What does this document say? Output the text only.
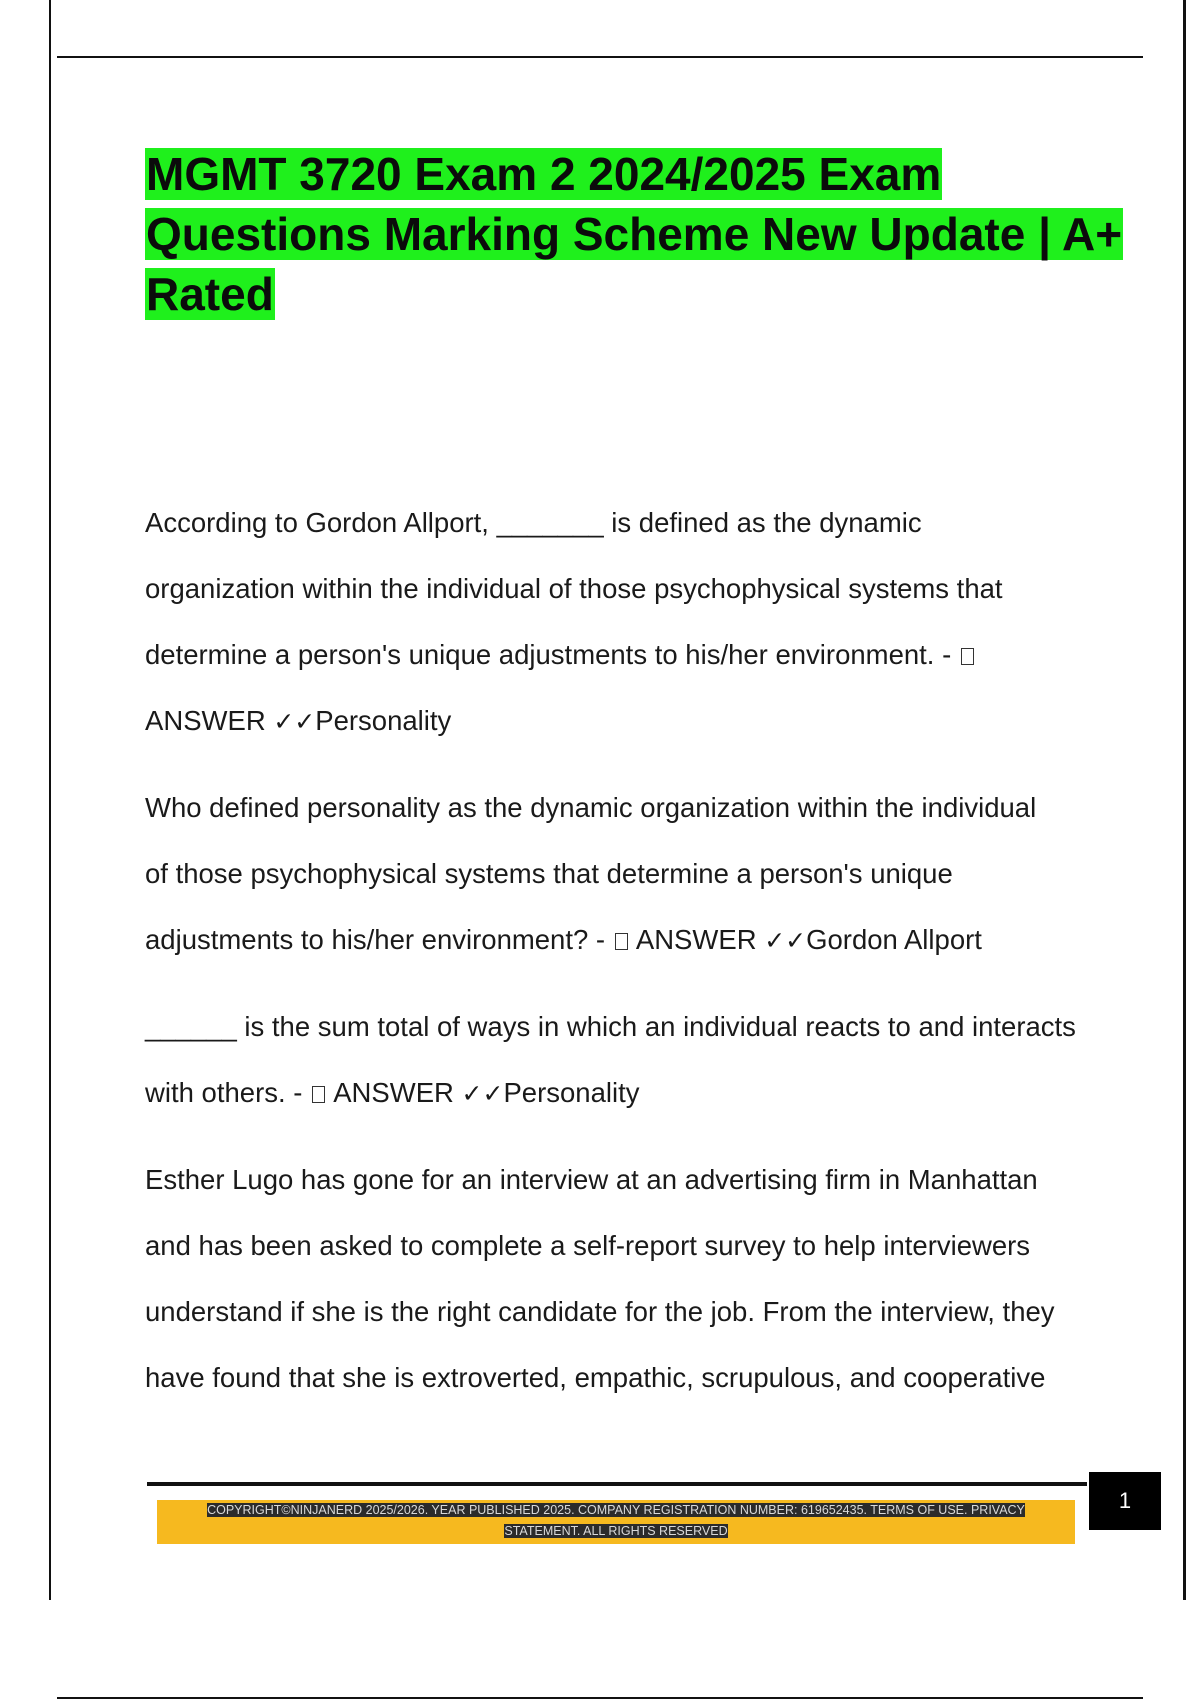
MGMT 3720 Exam 2 2024/2025 Exam Questions Marking Scheme New Update | A+ Rated
According to Gordon Allport, _______ is defined as the dynamic
organization within the individual of those psychophysical systems that
determine a person's unique adjustments to his/her environment. -
ANSWER ✓✓Personality
Who defined personality as the dynamic organization within the individual
of those psychophysical systems that determine a person's unique
adjustments to his/her environment? - ANSWER ✓✓Gordon Allport
______ is the sum total of ways in which an individual reacts to and interacts
with others. - ANSWER ✓✓Personality
Esther Lugo has gone for an interview at an advertising firm in Manhattan
and has been asked to complete a self-report survey to help interviewers
understand if she is the right candidate for the job. From the interview, they
have found that she is extroverted, empathic, scrupulous, and cooperative
COPYRIGHT©NINJANERD 2025/2026. YEAR PUBLISHED 2025. COMPANY REGISTRATION NUMBER: 619652435. TERMS OF USE. PRIVACY STATEMENT. ALL RIGHTS RESERVED
1
